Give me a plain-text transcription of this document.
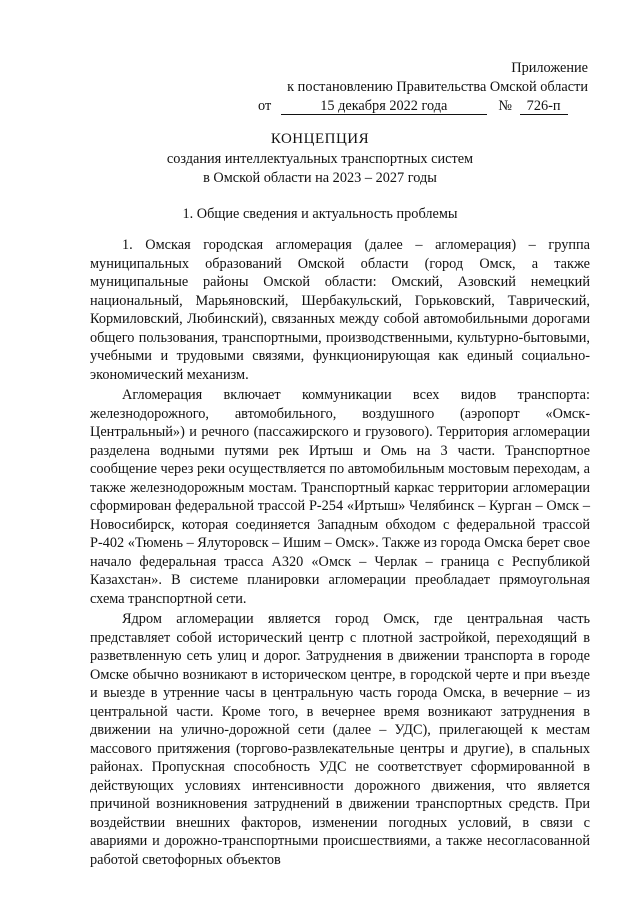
Приложение
к постановлению Правительства Омской области
от	15 декабря 2022 года	№ 726-п
КОНЦЕПЦИЯ
создания интеллектуальных транспортных систем
в Омской области на 2023 – 2027 годы
1. Общие сведения и актуальность проблемы

1. Омская городская агломерация (далее – агломерация) – группа муниципальных образований Омской области (город Омск, а также муниципальные районы Омской области: Омский, Азовский немецкий национальный, Марьяновский, Шербакульский, Горьковский, Таврический, Кормиловский, Любинский), связанных между собой автомобильными дорогами общего пользования, транспортными, производственными, культурно-бытовыми, учебными и трудовыми связями, функционирующая как единый социально-экономический механизм.

Агломерация включает коммуникации всех видов транспорта: железнодорожного, автомобильного, воздушного (аэропорт «Омск-Центральный») и речного (пассажирского и грузового). Территория агломерации разделена водными путями рек Иртыш и Омь на 3 части. Транспортное сообщение через реки осуществляется по автомобильным мостовым переходам, а также железнодорожным мостам. Транспортный каркас территории агломерации сформирован федеральной трассой Р-254 «Иртыш» Челябинск – Курган – Омск – Новосибирск, которая соединяется Западным обходом с федеральной трассой Р-402 «Тюмень – Ялуторовск – Ишим – Омск». Также из города Омска берет свое начало федеральная трасса А320 «Омск – Черлак – граница с Республикой Казахстан». В системе планировки агломерации преобладает прямоугольная схема транспортной сети.

Ядром агломерации является город Омск, где центральная часть представляет собой исторический центр с плотной застройкой, переходящий в разветвленную сеть улиц и дорог. Затруднения в движении транспорта в городе Омске обычно возникают в историческом центре, в городской черте и при въезде и выезде в утренние часы в центральную часть города Омска, в вечерние – из центральной части. Кроме того, в вечернее время возникают затруднения в движении на улично-дорожной сети (далее – УДС), прилегающей к местам массового притяжения (торгово-развлекательные центры и другие), в спальных районах. Пропускная способность УДС не соответствует сформированной в действующих условиях интенсивности дорожного движения, что является причиной возникновения затруднений в движении транспортных средств. При воздействии внешних факторов, изменении погодных условий, в связи с авариями и дорожно-транспортными происшествиями, а также несогласованной работой светофорных объектов
